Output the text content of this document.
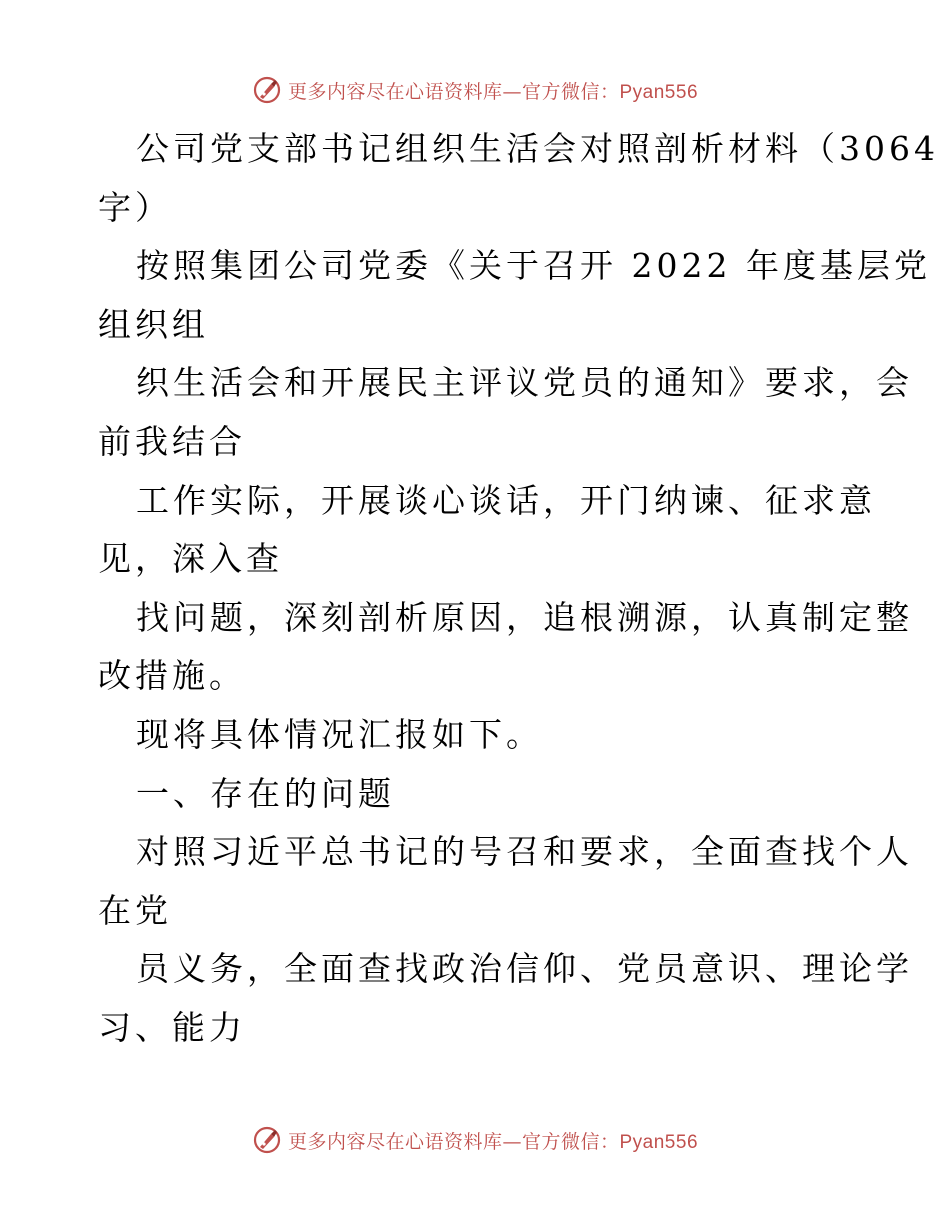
更多内容尽在心语资料库—官方微信：Pyan556
公司党支部书记组织生活会对照剖析材料（3064
字）
按照集团公司党委《关于召开 2022 年度基层党
组织组
织生活会和开展民主评议党员的通知》要求，会
前我结合
工作实际，开展谈心谈话，开门纳谏、征求意
见，深入查
找问题，深刻剖析原因，追根溯源，认真制定整
改措施。
现将具体情况汇报如下。
一、存在的问题
对照习近平总书记的号召和要求，全面查找个人
在党
员义务，全面查找政治信仰、党员意识、理论学
习、能力
更多内容尽在心语资料库—官方微信：Pyan556
